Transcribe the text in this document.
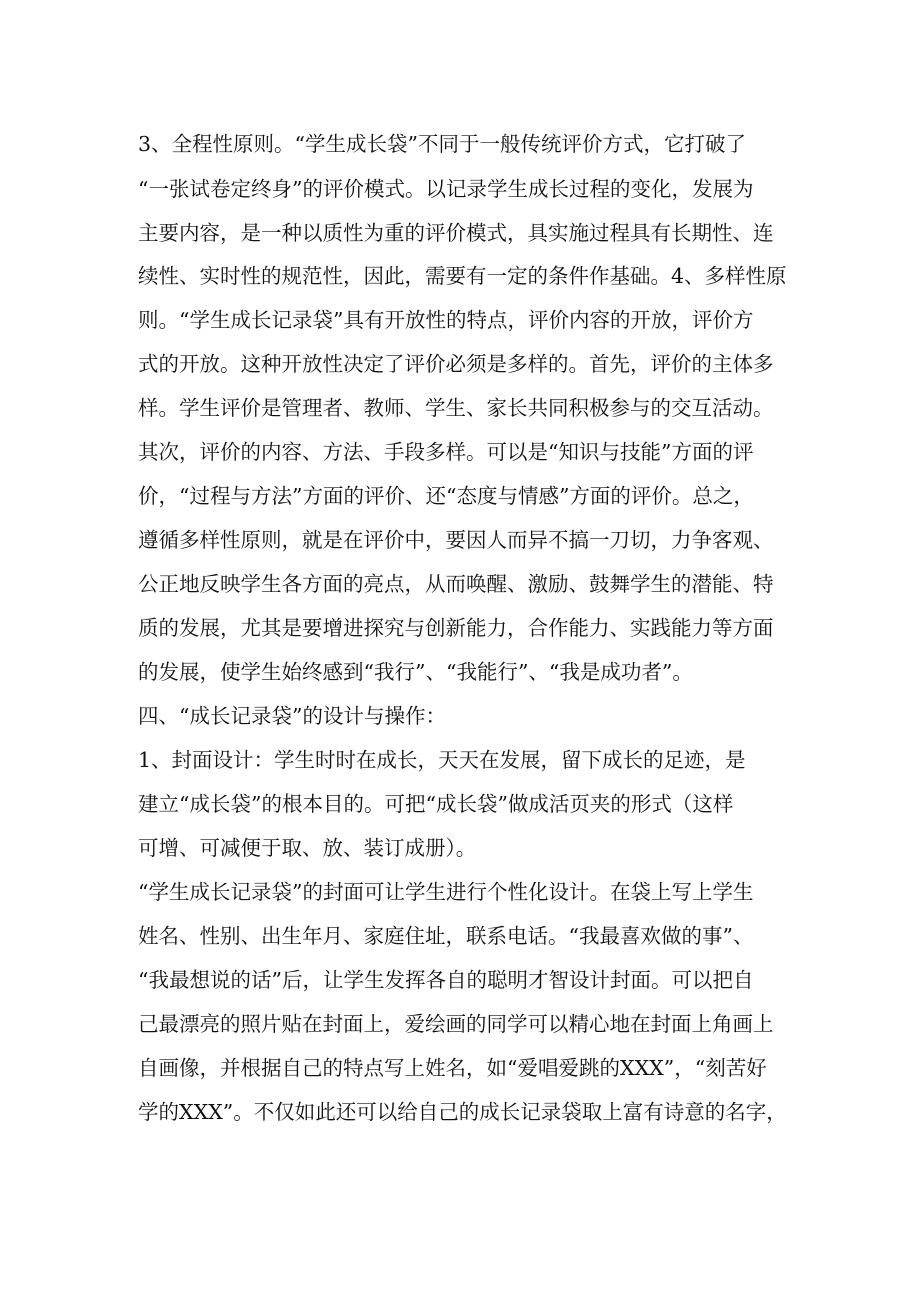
3、全程性原则。“学生成长袋”不同于一般传统评价方式，它打破了
“一张试卷定终身”的评价模式。以记录学生成长过程的变化，发展为
主要内容，是一种以质性为重的评价模式，具实施过程具有长期性、连
续性、实时性的规范性，因此，需要有一定的条件作基础。4、多样性原
则。“学生成长记录袋”具有开放性的特点，评价内容的开放，评价方
式的开放。这种开放性决定了评价必须是多样的。首先，评价的主体多
样。学生评价是管理者、教师、学生、家长共同积极参与的交互活动。
其次，评价的内容、方法、手段多样。可以是“知识与技能”方面的评
价，“过程与方法”方面的评价、还“态度与情感”方面的评价。总之，
遵循多样性原则，就是在评价中，要因人而异不搞一刀切，力争客观、
公正地反映学生各方面的亮点，从而唤醒、激励、鼓舞学生的潜能、特
质的发展，尤其是要增进探究与创新能力，合作能力、实践能力等方面
的发展，使学生始终感到“我行”、“我能行”、“我是成功者”。
四、“成长记录袋”的设计与操作：
1、封面设计：学生时时在成长，天天在发展，留下成长的足迹，是
建立“成长袋”的根本目的。可把“成长袋”做成活页夹的形式（这样
可增、可减便于取、放、装订成册）。
“学生成长记录袋”的封面可让学生进行个性化设计。在袋上写上学生
姓名、性别、出生年月、家庭住址，联系电话。“我最喜欢做的事”、
“我最想说的话”后，让学生发挥各自的聪明才智设计封面。可以把自
己最漂亮的照片贴在封面上，爱绘画的同学可以精心地在封面上角画上
自画像，并根据自己的特点写上姓名，如“爱唱爱跳的XXX”，“刻苦好
学的XXX”。不仅如此还可以给自己的成长记录袋取上富有诗意的名字，
